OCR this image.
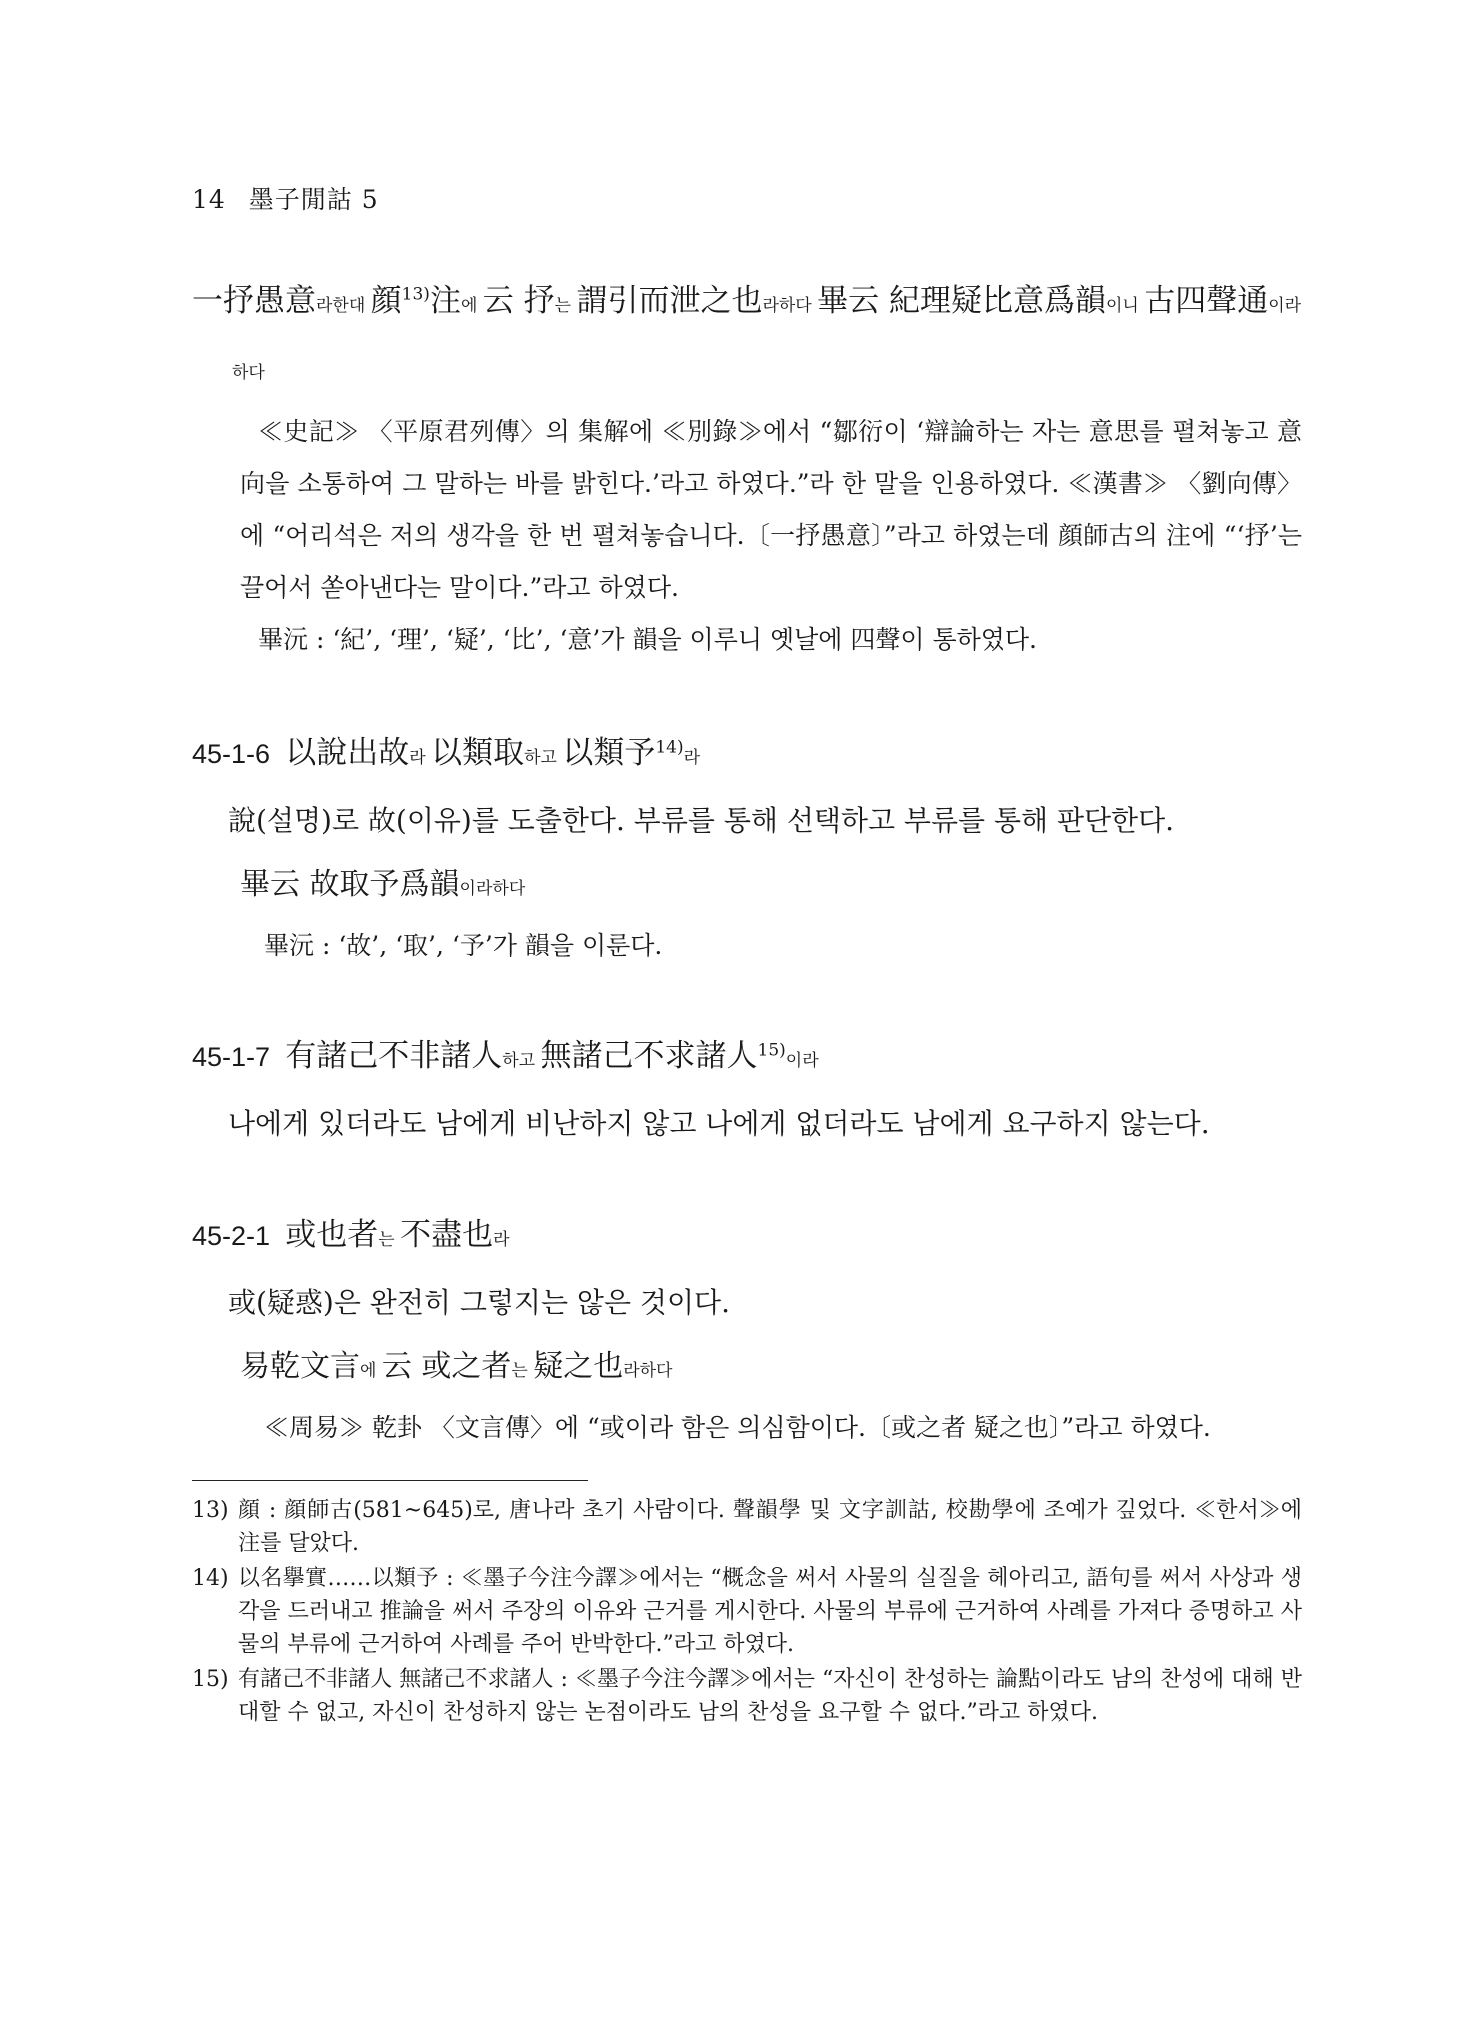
14 墨子閒詁 5

一抒愚意라한대 顔$^{13)}$注에 云 抒는 謂引而泄之也라하다 畢云 紀理疑比意爲韻이니 古四聲通이라하다

≪史記≫ 〈平原君列傳〉의 集解에 ≪別錄≫에서 “鄒衍이 ‘辯論하는 자는 意思를 펼쳐놓고 意向을 소통하여 그 말하는 바를 밝힌다.’라고 하였다.”라 한 말을 인용하였다. ≪漢書≫ 〈劉向傳〉에 “어리석은 저의 생각을 한 번 펼쳐놓습니다.〔一抒愚意〕”라고 하였는데 顔師古의 注에 “‘抒’는 끌어서 쏟아낸다는 말이다.”라고 하였다.

畢沅 : ‘紀’, ‘理’, ‘疑’, ‘比’, ‘意’가 韻을 이루니 옛날에 四聲이 통하였다.

45-1-6 以說出故라 以類取하고 以類予$^{14)}$라

說(설명)로 故(이유)를 도출한다. 부류를 통해 선택하고 부류를 통해 판단한다.

畢云 故取予爲韻이라하다

畢沅 : ‘故’, ‘取’, ‘予’가 韻을 이룬다.

45-1-7 有諸己不非諸人하고 無諸己不求諸人$^{15)}$이라

나에게 있더라도 남에게 비난하지 않고 나에게 없더라도 남에게 요구하지 않는다.

45-2-1 或也者는 不盡也라

或(疑惑)은 완전히 그렇지는 않은 것이다.

易乾文言에 云 或之者는 疑之也라하다

≪周易≫ 乾卦 〈文言傳〉에 “或이라 함은 의심함이다.〔或之者 疑之也〕”라고 하였다.

13) 顔 : 顔師古(581~645)로, 唐나라 초기 사람이다. 聲韻學 및 文字訓詁, 校勘學에 조예가 깊었다. ≪한서≫에 注를 달았다.
14) 以名擧實……以類予 : ≪墨子今注今譯≫에서는 “概念을 써서 사물의 실질을 헤아리고, 語句를 써서 사상과 생각을 드러내고 推論을 써서 주장의 이유와 근거를 게시한다. 사물의 부류에 근거하여 사례를 가져다 증명하고 사물의 부류에 근거하여 사례를 주어 반박한다.”라고 하였다.
15) 有諸己不非諸人 無諸己不求諸人 : ≪墨子今注今譯≫에서는 “자신이 찬성하는 論點이라도 남의 찬성에 대해 반대할 수 없고, 자신이 찬성하지 않는 논점이라도 남의 찬성을 요구할 수 없다.”라고 하였다.
